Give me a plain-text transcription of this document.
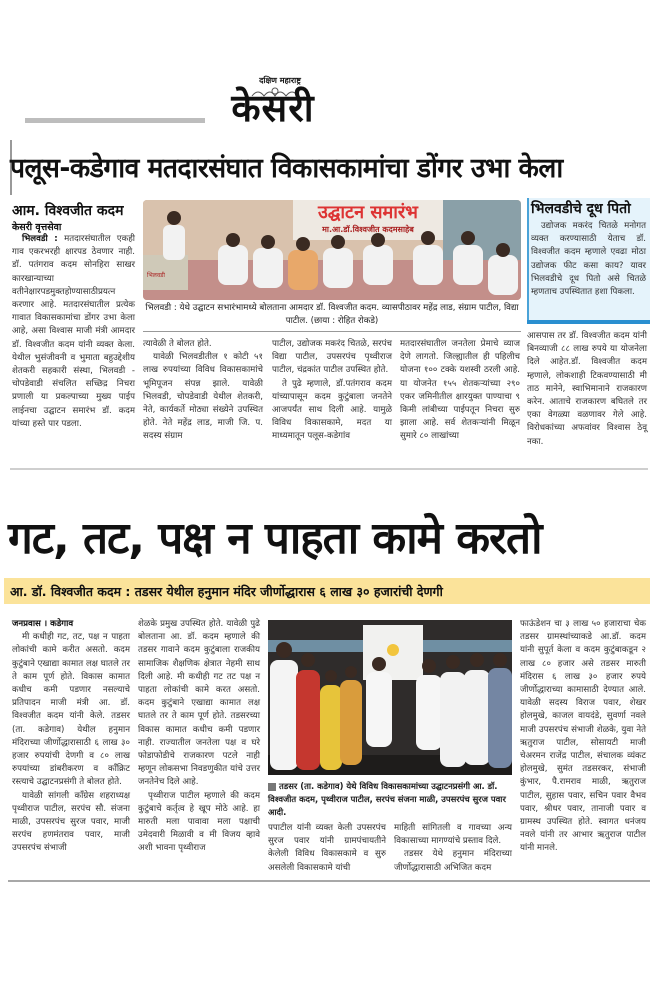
दक्षिण महाराष्ट्र
केसरी
पलूस-कडेगाव मतदारसंघात विकासकामांचा डोंगर उभा केला
आम. विश्वजीत कदम
केसरी वृत्तसेवा

भिलवडी : मतदारसंघातील एकही गाव एकरभरही क्षारपड ठेवणार नाही. डॉ. पतंगराव कदम सोनहिरा साखर कारखान्याच्या वतीनेक्षारपडमुक्तहोण्यासाठीप्रयत्न करणार आहे. मतदारसंघातील प्रत्येक गावात विकासकामांचा डोंगर उभा केला आहे, असा विश्वास माजी मंत्री आमदार डॉ. विश्वजीत कदम यांनी व्यक्त केला. येथील भुसंजीवनी व भुमाता बहुउद्देशीय शेतकरी सहकारी संस्था, भिलवडी - चोपडेवाडी संचलित सच्छिद्र निचरा प्रणाली या प्रकल्पाच्या मुख्य पाईप लाईनचा उद्घाटन समारंभ डॉ. कदम यांच्या हस्ते पार पडला.

उद्घाटन समारंभ
मा.आ.डॉ.विश्वजीत कदमसाहेब
भिलवडी
भिलवडी : येथे उद्घाटन सभारंभामध्ये बोलताना आमदार डॉ. विश्वजीत कदम. व्यासपीठावर महेंद्र लाड, संग्राम पाटील, विद्या पाटील. (छाया : रोहित रोकडे)

त्यावेळी ते बोलत होते.

यावेळी भिलवडीतील १ कोटी ५१ लाख रुपयांच्या विविध विकासकामांचे भूमिपूजन संपन्न झाले. यावेळी भिलवडी, चोपडेवाडी येथील शेतकरी, नेते, कार्यकर्ते मोठ्या संख्येने उपस्थित होते. नेते महेंद्र लाड, माजी जि. प. सदस्य संग्राम

पाटील, उद्योजक मकरंद चितळे, सरपंच विद्या पाटील, उपसरपंच पृथ्वीराज पाटील, चंद्रकांत पाटील उपस्थित होते.

ते पुढे म्हणाले, डॉ.पतंगराव कदम यांच्यापासून कदम कुटुंबाला जनतेने आजपर्यंत साथ दिली आहे. यामुळे विविध विकासकामे, मदत या माध्यमातून पलूस-कडेगांव

मतदारसंघातील जनतेला प्रेमाचे व्याज देणे लागतो. जिल्ह्यातील ही पहिलीच योजना १०० टक्के यशस्वी ठरली आहे. या योजनेत १५५ शेतकऱ्यांच्या २९० एकर जमिनीतील क्षारयुक्त पाण्याचा ९ किमी लांबीच्या पाईपतून निचरा सुरु झाला आहे. सर्व शेतकऱ्यांनी मिळून सुमारे ८० लाखांच्या

भिलवडीचे दूध पितो

उद्योजक मकरंद चितळे मनोगत व्यक्त करण्यासाठी येताच डॉ. विश्वजीत कदम म्हणाले एवढा मोठा उद्योजक फीट कसा काय? यावर भिलवडीचे दूध पितो असे चितळे म्हणताच उपस्थितात हशा पिकला.

आसपास तर डॉ. विश्वजीत कदम यांनी बिनव्याजी ८८ लाख रुपये या योजनेला दिले आहेत.डॉ. विश्वजीत कदम म्हणाले, लोकशाही टिकवण्यासाठी मी ताठ मानेने, स्वाभिमानाने राजकारण करेन. आताचे राजकारण बघितले तर एका वेगळ्या वळणावर गेले आहे. विरोधकांच्या अफवांवर विश्वास ठेवू नका.

गट, तट, पक्ष न पाहता कामे करतो
आ. डॉ. विश्वजीत कदम : तडसर येथील हनुमान मंदिर जीर्णोद्धारास ६ लाख ३० हजारांची देणगी

जनप्रवास । कडेगाव

मी कधीही गट, तट, पक्ष न पाहता लोकांची कामे करीत असतो. कदम कुटुंबाने एखाद्या कामात लक्ष घातले तर ते काम पूर्ण होते. विकास कामात कधीच कमी पडणार नसल्याचे प्रतिपादन माजी मंत्री आ. डॉ. विश्वजीत कदम यांनी केले. तडसर (ता. कडेगाव) येथील हनुमान मंदिराच्या जीर्णोद्धारासाठी ६ लाख ३० हजार रुपयांची देणगी व ८० लाख रुपयांच्या डांबरीकरण व काँक्रिट रस्त्याचे उद्घाटनप्रसंगी ते बोलत होते.

यावेळी सांगली काँग्रेस शहराध्यक्ष पृथ्वीराज पाटील, सरपंच सौ. संजना माळी, उपसरपंच सुरज पवार, माजी सरपंच हणमंतराव पवार, माजी उपसरपंच संभाजी

शेळके प्रमुख उपस्थित होते. यावेळी पुढे बोलताना आ. डॉ. कदम म्हणाले की तडसर गावाने कदम कुटुंबाला राजकीय सामाजिक शैक्षणिक क्षेत्रात नेहमी साथ दिली आहे. मी कधीही गट तट पक्ष न पाहता लोकांची कामे करत असतो. कदम कुटुंबाने एखाद्या कामात लक्ष घातले तर ते काम पूर्ण होते. तडसरच्या विकास कामात कधीच कमी पडणार नाही. राज्यातील जनतेला पक्ष व घरे फोडाफोडीचे राजकारण पटले नाही म्हणून लोकसभा निवडणुकीत यांचे उत्तर जनतेनेच दिले आहे.

पृथ्वीराज पाटील म्हणाले की कदम कुटुंबाचे कर्तृत्व हे खूप मोठे आहे. हा मारुती मला पावावा मला पक्षाची उमेदवारी मिळावी व मी विजय व्हावे अशी भावना पृथ्वीराज

तडसर (ता. कडेगाव) येथे विविध विकासकामांच्या उद्घाटनप्रसंगी आ. डॉ. विश्वजीत कदम, पृथ्वीराज पाटील, सरपंच संजना माळी, उपसरपंच सुरज पवार आदी.

पपाटील यांनी व्यक्त केली उपसरपंच सुरज पवार यांनी ग्रामपंचायतीने केलेली विविध विकासकामे व सुरु असलेली विकासकामे यांची

माहिती सांगितली व गावच्या अन्य विकासाच्या मागण्यांचे प्रस्ताव दिले.

तडसर येथे हनुमान मंदिराच्या जीर्णोद्धारासाठी अभिजित कदम

फाऊंडेशन चा ३ लाख ५० हजाराचा चेक तडसर ग्रामस्थांच्याकडे आ.डॉ. कदम यांनी सुपूर्त केला व कदम कुटुंबाकडून २ लाख ८० हजार असे तडसर मारुती मंदिरास ६ लाख ३० हजार रुपये जीर्णोद्धाराच्या कामासाठी देण्यात आले. यावेळी सदस्य विराज पवार, शेखर होलमुखे, काजल वायदंडे, सुवर्णा नवले माजी उपसरपंच संभाजी शेळके, युवा नेते ऋतुराज पाटील, सोसायटी माजी चेअरमन राजेंद्र पाटील, संचालक व्यंकट होलमुखे, सुमंत तडसरकर, संभाजी कुंभार, पै.रामराव माळी, ऋतुराज पाटील, सुहास पवार, सचिन पवार वैभव पवार, श्रीधर पवार, तानाजी पवार व ग्रामस्थ उपस्थित होते. स्वागत धनंजय नवले यांनी तर आभार ऋतुराज पाटील यांनी मानले.
